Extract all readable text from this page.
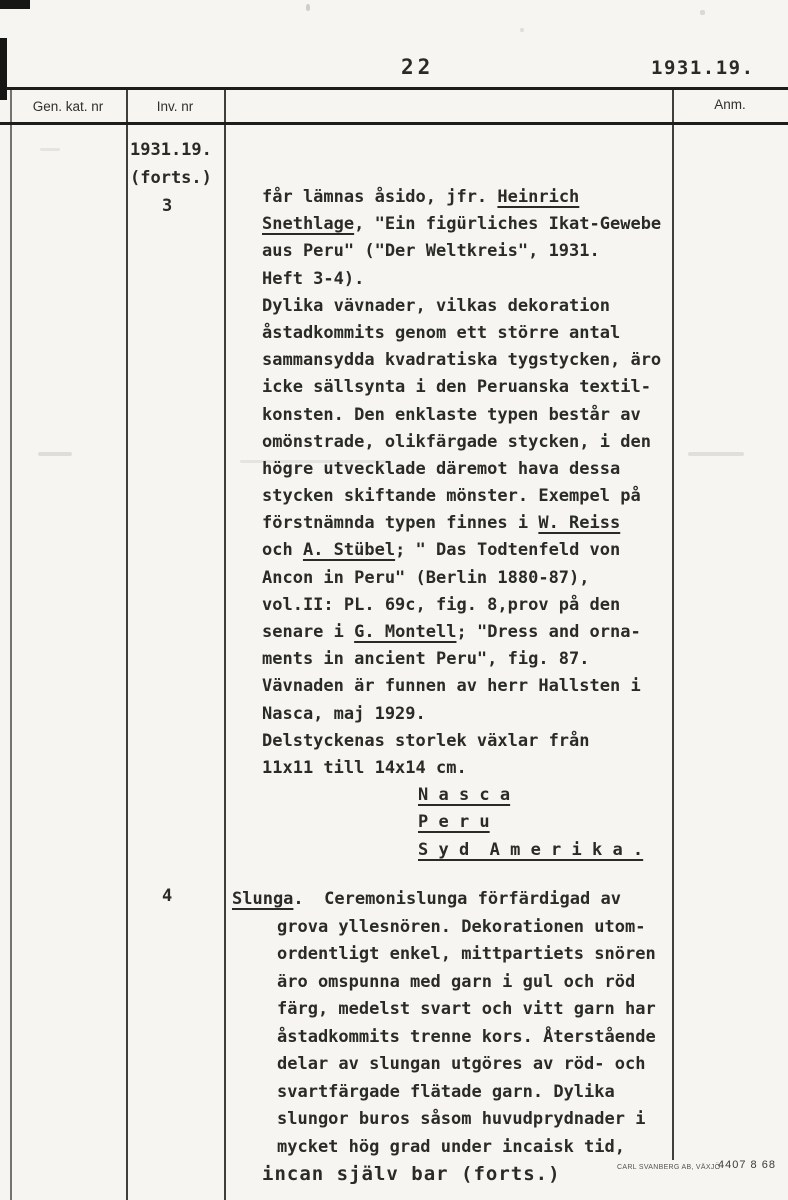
22	1931.19.
Gen. kat. nr	Inv. nr	Anm.
1931.19.
(forts.)
3	får lämnas åsido, jfr. Heinrich
Snethlage, "Ein figürliches Ikat-Gewebe
aus Peru" ("Der Weltkreis", 1931.
Heft 3-4).
Dylika vävnader, vilkas dekoration
åstadkommits genom ett större antal
sammansydda kvadratiska tygstycken, äro
icke sällsynta i den Peruanska textil-
konsten. Den enklaste typen består av
omönstrade, olikfärgade stycken, i den
högre utvecklade däremot hava dessa
stycken skiftande mönster. Exempel på
förstnämnda typen finnes i W. Reiss
och A. Stübel; " Das Todtenfeld von
Ancon in Peru" (Berlin 1880-87),
vol.II: PL. 69c, fig. 8,prov på den
senare i G. Montell; "Dress and orna-
ments in ancient Peru", fig. 87.
Vävnaden är funnen av herr Hallsten i
Nasca, maj 1929.
Delstyckenas storlek växlar från
11x11 till 14x14 cm.
N a s c a
P e r u
S y d  A m e r i k a .
4	Slunga.  Ceremonislunga förfärdigad av
grova yllesnören. Dekorationen utom-
ordentligt enkel, mittpartiets snören
äro omspunna med garn i gul och röd
färg, medelst svart och vitt garn har
åstadkommits trenne kors. Återstående
delar av slungan utgöres av röd- och
svartfärgade flätade garn. Dylika
slungor buros såsom huvudprydnader i
mycket hög grad under incaisk tid,
incan själv bar (forts.)	CARL SVANBERG AB, VÄXJÖ
4407 8 68
